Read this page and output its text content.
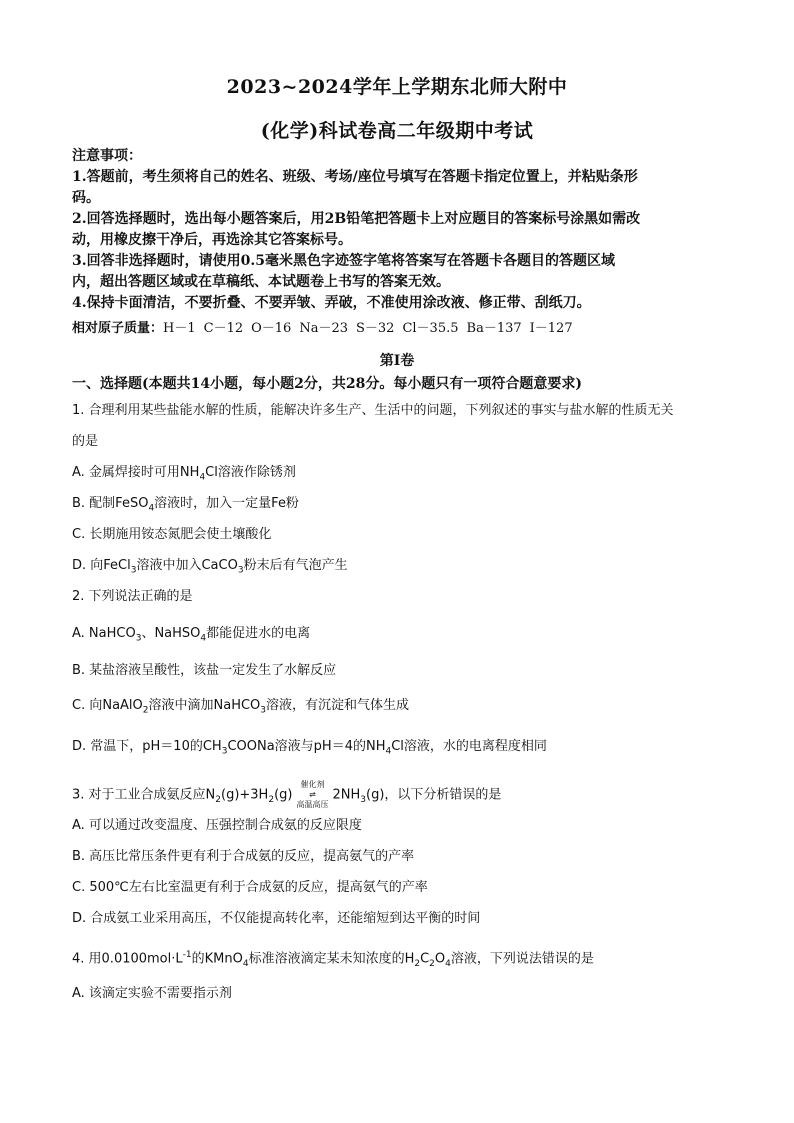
2023~2024学年上学期东北师大附中
(化学)科试卷高二年级期中考试
注意事项：
1.答题前，考生须将自己的姓名、班级、考场/座位号填写在答题卡指定位置上，并粘贴条形
码。
2.回答选择题时，选出每小题答案后，用2B铅笔把答题卡上对应题目的答案标号涂黑如需改
动，用橡皮擦干净后，再选涂其它答案标号。
3.回答非选择题时，请使用0.5毫米黑色字迹签字笔将答案写在答题卡各题目的答题区域
内，超出答题区域或在草稿纸、本试题卷上书写的答案无效。
4.保持卡面清洁，不要折叠、不要弄皱、弄破，不准使用涂改液、修正带、刮纸刀。
相对原子质量：H－1 C－12 O－16 Na－23 S－32 Cl－35.5 Ba－137 I－127
第Ⅰ卷
一、选择题(本题共14小题，每小题2分，共28分。每小题只有一项符合题意要求)
1. 合理利用某些盐能水解的性质，能解决许多生产、生活中的问题，下列叙述的事实与盐水解的性质无关
的是
A. 金属焊接时可用$NH_4Cl$溶液作除锈剂
B. 配制FeSO$_4$溶液时，加入一定量Fe粉
C. 长期施用铵态氮肥会使土壤酸化
D. 向FeCl$_3$溶液中加入CaCO$_3$粉末后有气泡产生
2. 下列说法正确的是
A. NaHCO$_3$、NaHSO$_4$都能促进水的电离
B. 某盐溶液呈酸性，该盐一定发生了水解反应
C. 向NaAlO$_2$溶液中滴加NaHCO$_3$溶液，有沉淀和气体生成
D. 常温下，pH＝10的$CH_3COONa$溶液与pH＝4的$NH_4Cl$溶液，水的电离程度相同
3. 对于工业合成氨反应$N_2(g)+3H_2(g)$催化剂
⇌
高温高压$2NH_3(g)$，以下分析错误的是
A. 可以通过改变温度、压强控制合成氨的反应限度
B. 高压比常压条件更有利于合成氨的反应，提高氨气的产率
C. 500℃左右比室温更有利于合成氨的反应，提高氨气的产率
D. 合成氨工业采用高压，不仅能提高转化率，还能缩短到达平衡的时间
4. 用$0.0100mol\cdot L^{-1}$的KMnO$_4$标准溶液滴定某未知浓度的$H_2C_2O_4$溶液，下列说法错误的是
A. 该滴定实验不需要指示剂
